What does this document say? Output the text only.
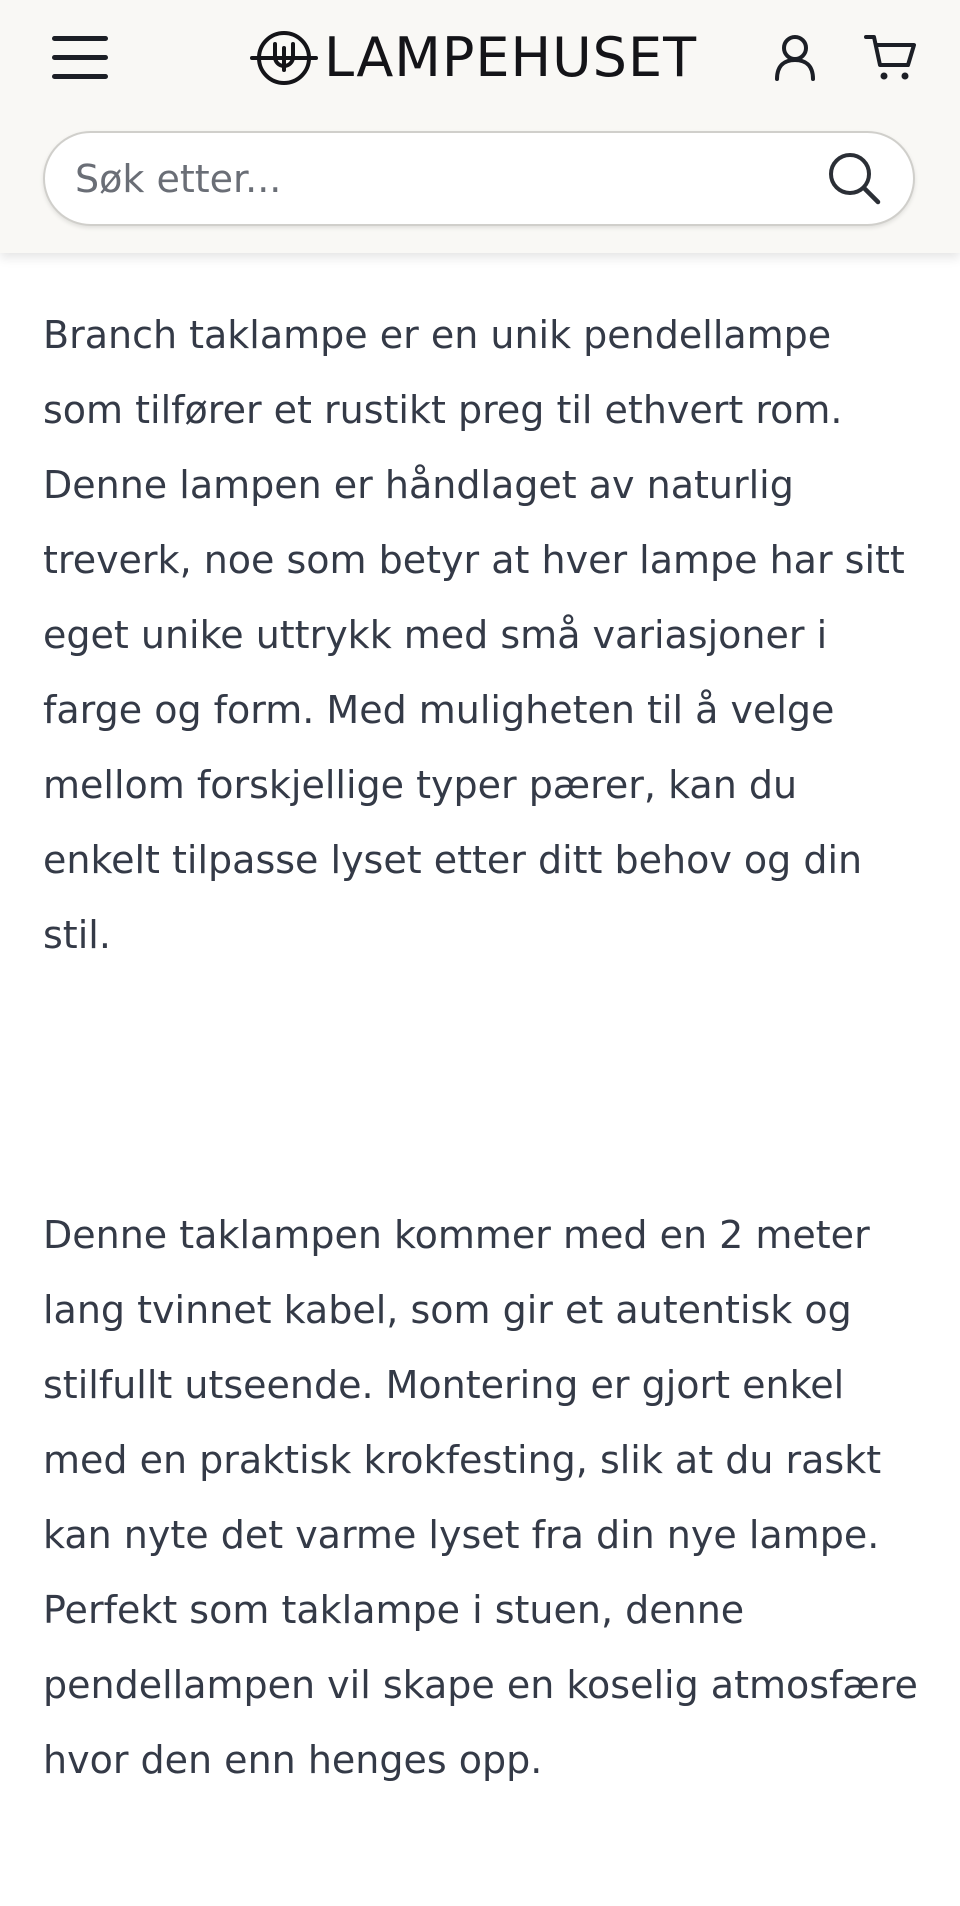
LAMPEHUSET
Søk etter...

Branch taklampe er en unik pendellampe som tilfører et rustikt preg til ethvert rom. Denne lampen er håndlaget av naturlig treverk, noe som betyr at hver lampe har sitt eget unike uttrykk med små variasjoner i farge og form. Med muligheten til å velge mellom forskjellige typer pærer, kan du enkelt tilpasse lyset etter ditt behov og din stil.

Denne taklampen kommer med en 2 meter lang tvinnet kabel, som gir et autentisk og stilfullt utseende. Montering er gjort enkel med en praktisk krokfesting, slik at du raskt kan nyte det varme lyset fra din nye lampe. Perfekt som taklampe i stuen, denne pendellampen vil skape en koselig atmosfære hvor den enn henges opp.
